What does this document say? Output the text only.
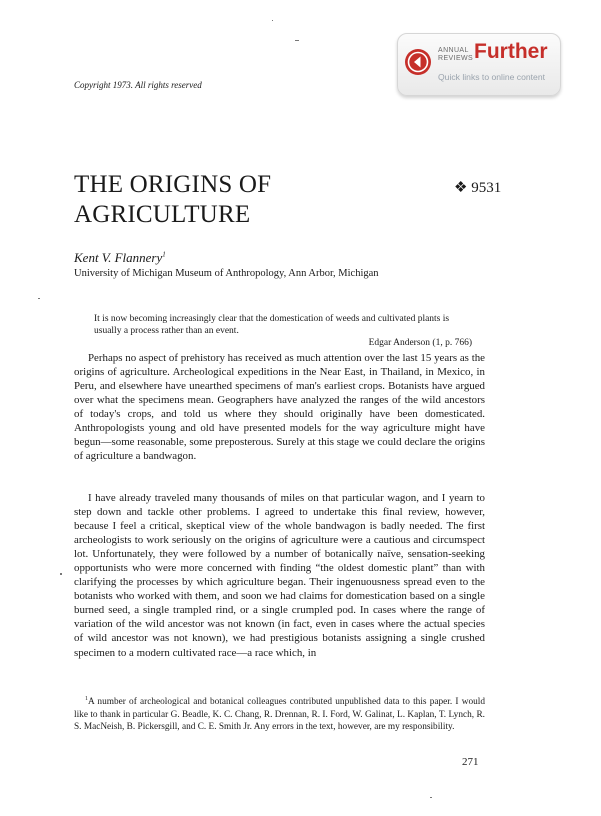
ANNUAL
REVIEWS Further
Quick links to online content
Copyright 1973. All rights reserved
THE ORIGINS OF AGRICULTURE
❖ 9531
Kent V. Flannery$^1$
University of Michigan Museum of Anthropology, Ann Arbor, Michigan

It is now becoming increasingly clear that the domestication of weeds and cultivated plants is usually a process rather than an event.

Edgar Anderson (1, p. 766)

Perhaps no aspect of prehistory has received as much attention over the last 15 years as the origins of agriculture. Archeological expeditions in the Near East, in Thailand, in Mexico, in Peru, and elsewhere have unearthed specimens of man's earliest crops. Botanists have argued over what the specimens mean. Geographers have analyzed the ranges of the wild ancestors of today's crops, and told us where they should originally have been domesticated. Anthropologists young and old have presented models for the way agriculture might have begun—some reasonable, some preposterous. Surely at this stage we could declare the origins of agriculture a bandwagon.

I have already traveled many thousands of miles on that particular wagon, and I yearn to step down and tackle other problems. I agreed to undertake this final review, however, because I feel a critical, skeptical view of the whole bandwagon is badly needed. The first archeologists to work seriously on the origins of agriculture were a cautious and circumspect lot. Unfortunately, they were followed by a number of botanically naïve, sensation-seeking opportunists who were more concerned with finding “the oldest domestic plant” than with clarifying the processes by which agriculture began. Their ingenuousness spread even to the botanists who worked with them, and soon we had claims for domestication based on a single burned seed, a single trampled rind, or a single crumpled pod. In cases where the range of variation of the wild ancestor was not known (in fact, even in cases where the actual species of wild ancestor was not known), we had prestigious botanists assigning a single crushed specimen to a modern cultivated race—a race which, in

$^1$A number of archeological and botanical colleagues contributed unpublished data to this paper. I would like to thank in particular G. Beadle, K. C. Chang, R. Drennan, R. I. Ford, W. Galinat, L. Kaplan, T. Lynch, R. S. MacNeish, B. Pickersgill, and C. E. Smith Jr. Any errors in the text, however, are my responsibility.

271
